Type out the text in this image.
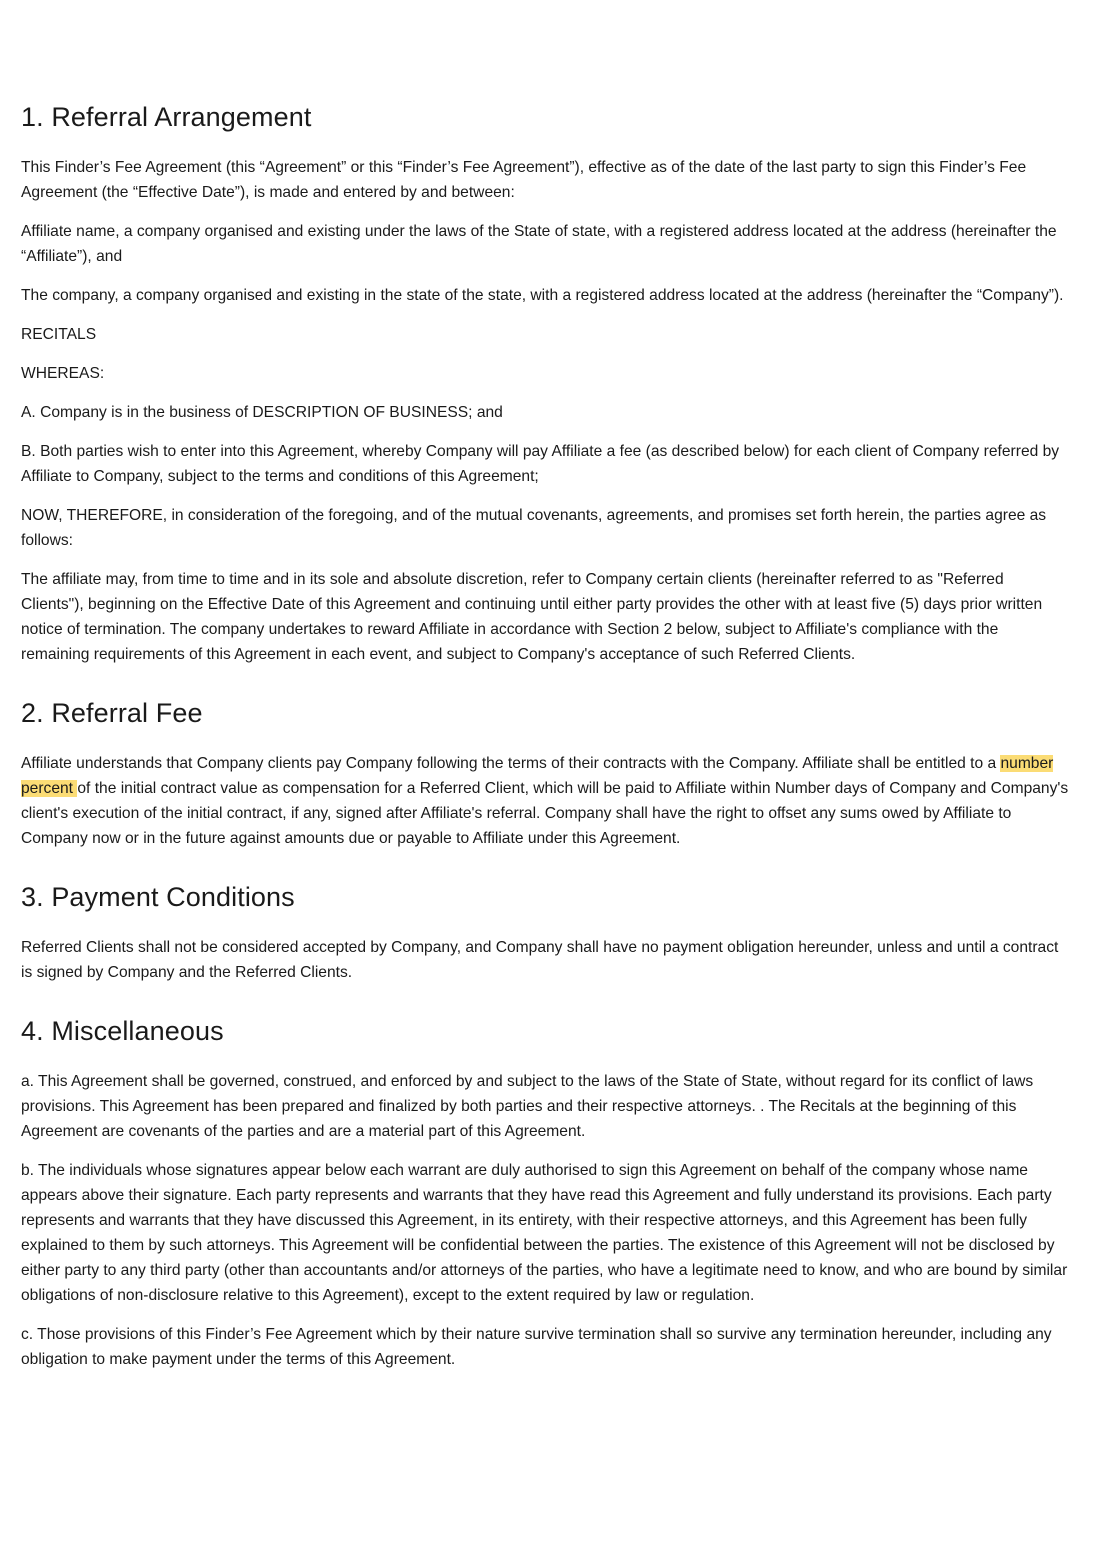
1. Referral Arrangement

This Finder’s Fee Agreement (this “Agreement” or this “Finder’s Fee Agreement”), effective as of the date of the last party to sign this Finder’s Fee Agreement (the “Effective Date”), is made and entered by and between:

Affiliate name, a company organised and existing under the laws of the State of state, with a registered address located at the address (hereinafter the “Affiliate”), and

The company, a company organised and existing in the state of the state, with a registered address located at the address (hereinafter the “Company”).

RECITALS

WHEREAS:

A. Company is in the business of DESCRIPTION OF BUSINESS; and

B. Both parties wish to enter into this Agreement, whereby Company will pay Affiliate a fee (as described below) for each client of Company referred by Affiliate to Company, subject to the terms and conditions of this Agreement;

NOW, THEREFORE, in consideration of the foregoing, and of the mutual covenants, agreements, and promises set forth herein, the parties agree as follows:

The affiliate may, from time to time and in its sole and absolute discretion, refer to Company certain clients (hereinafter referred to as "Referred Clients"), beginning on the Effective Date of this Agreement and continuing until either party provides the other with at least five (5) days prior written notice of termination. The company undertakes to reward Affiliate in accordance with Section 2 below, subject to Affiliate's compliance with the remaining requirements of this Agreement in each event, and subject to Company's acceptance of such Referred Clients.

2. Referral Fee

Affiliate understands that Company clients pay Company following the terms of their contracts with the Company. Affiliate shall be entitled to a number percent of the initial contract value as compensation for a Referred Client, which will be paid to Affiliate within Number days of Company and Company's client's execution of the initial contract, if any, signed after Affiliate's referral. Company shall have the right to offset any sums owed by Affiliate to Company now or in the future against amounts due or payable to Affiliate under this Agreement.

3. Payment Conditions

Referred Clients shall not be considered accepted by Company, and Company shall have no payment obligation hereunder, unless and until a contract is signed by Company and the Referred Clients.

4. Miscellaneous

a. This Agreement shall be governed, construed, and enforced by and subject to the laws of the State of State, without regard for its conflict of laws provisions. This Agreement has been prepared and finalized by both parties and their respective attorneys. . The Recitals at the beginning of this Agreement are covenants of the parties and are a material part of this Agreement.

b. The individuals whose signatures appear below each warrant are duly authorised to sign this Agreement on behalf of the company whose name appears above their signature. Each party represents and warrants that they have read this Agreement and fully understand its provisions. Each party represents and warrants that they have discussed this Agreement, in its entirety, with their respective attorneys, and this Agreement has been fully explained to them by such attorneys. This Agreement will be confidential between the parties. The existence of this Agreement will not be disclosed by either party to any third party (other than accountants and/or attorneys of the parties, who have a legitimate need to know, and who are bound by similar obligations of non-disclosure relative to this Agreement), except to the extent required by law or regulation.

c. Those provisions of this Finder’s Fee Agreement which by their nature survive termination shall so survive any termination hereunder, including any obligation to make payment under the terms of this Agreement.
